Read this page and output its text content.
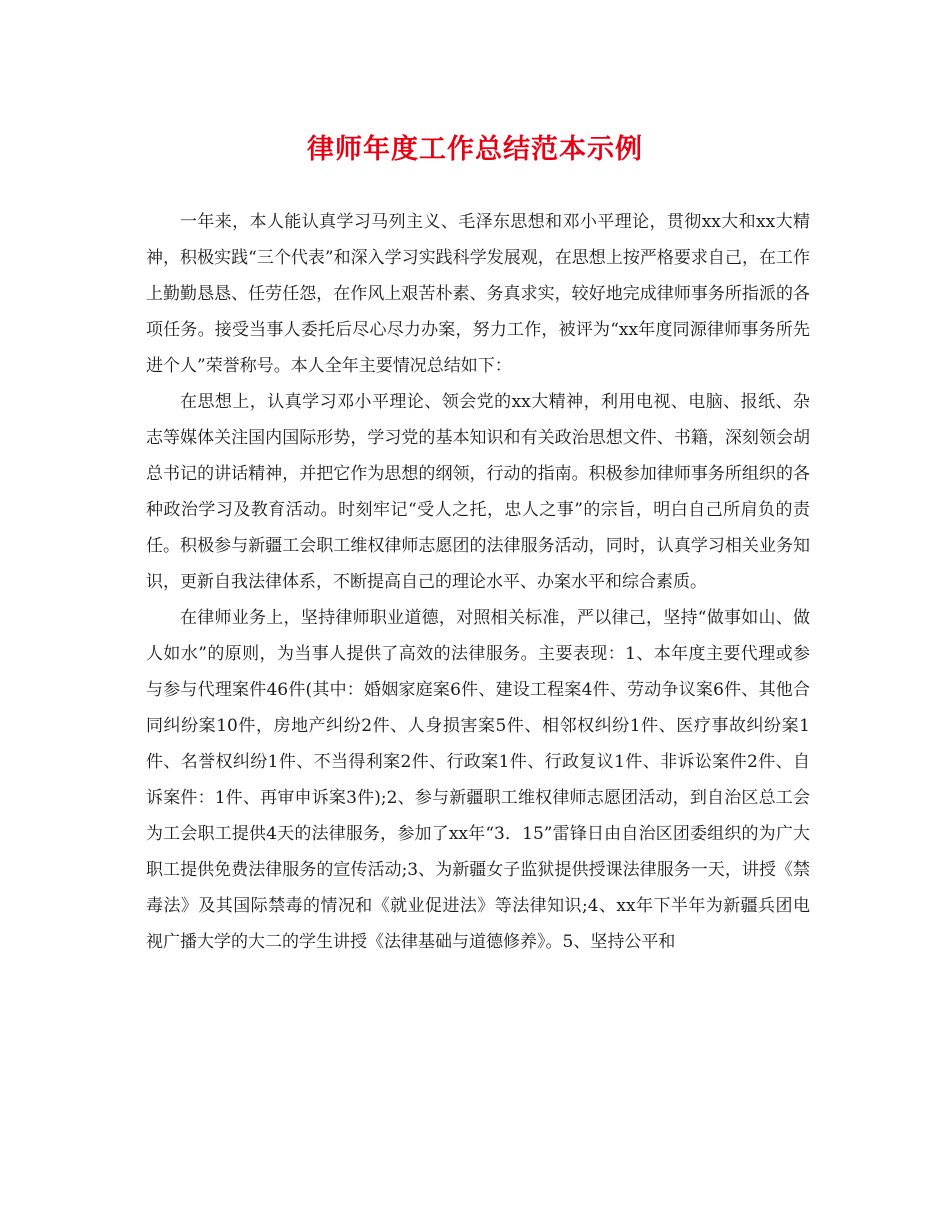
律师年度工作总结范本示例

一年来，本人能认真学习马列主义、毛泽东思想和邓小平理论，贯彻xx大和xx大精神，积极实践“三个代表”和深入学习实践科学发展观，在思想上按严格要求自己，在工作上勤勤恳恳、任劳任怨，在作风上艰苦朴素、务真求实，较好地完成律师事务所指派的各项任务。接受当事人委托后尽心尽力办案，努力工作，被评为“xx年度同源律师事务所先进个人”荣誉称号。本人全年主要情况总结如下：

在思想上，认真学习邓小平理论、领会党的xx大精神，利用电视、电脑、报纸、杂志等媒体关注国内国际形势，学习党的基本知识和有关政治思想文件、书籍，深刻领会胡总书记的讲话精神，并把它作为思想的纲领，行动的指南。积极参加律师事务所组织的各种政治学习及教育活动。时刻牢记“受人之托，忠人之事”的宗旨，明白自己所肩负的责任。积极参与新疆工会职工维权律师志愿团的法律服务活动，同时，认真学习相关业务知识，更新自我法律体系，不断提高自己的理论水平、办案水平和综合素质。

在律师业务上，坚持律师职业道德，对照相关标准，严以律己，坚持“做事如山、做人如水”的原则，为当事人提供了高效的法律服务。主要表现：1、本年度主要代理或参与参与代理案件46件(其中：婚姻家庭案6件、建设工程案4件、劳动争议案6件、其他合同纠纷案10件，房地产纠纷2件、人身损害案5件、相邻权纠纷1件、医疗事故纠纷案1件、名誉权纠纷1件、不当得利案2件、行政案1件、行政复议1件、非诉讼案件2件、自诉案件：1件、再审申诉案3件);2、参与新疆职工维权律师志愿团活动，到自治区总工会为工会职工提供4天的法律服务，参加了xx年“3．15”雷锋日由自治区团委组织的为广大职工提供免费法律服务的宣传活动;3、为新疆女子监狱提供授课法律服务一天，讲授《禁毒法》及其国际禁毒的情况和《就业促进法》等法律知识;4、xx年下半年为新疆兵团电视广播大学的大二的学生讲授《法律基础与道德修养》。5、坚持公平和
